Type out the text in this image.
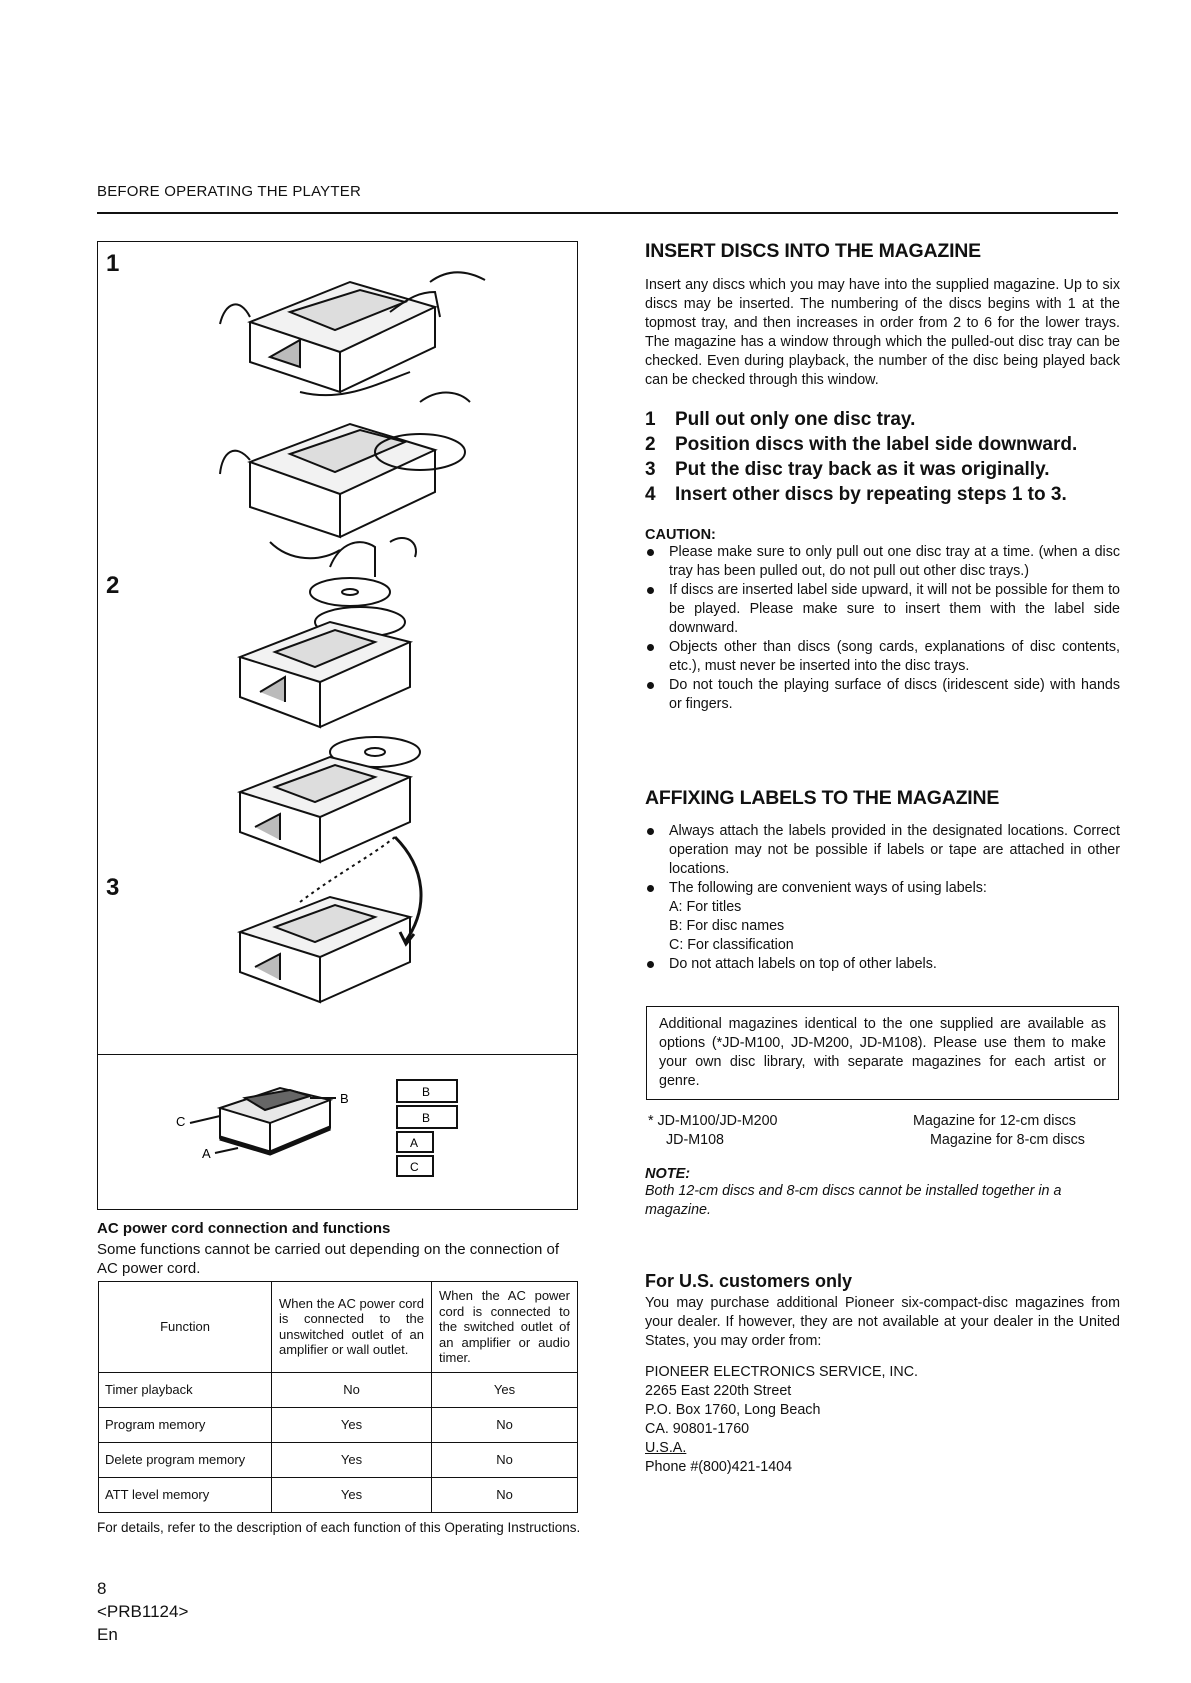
BEFORE OPERATING THE PLAYTER
1
2
3
B
C
A
B
B
A
C
AC power cord connection and functions
Some functions cannot be carried out depending on the connection of AC power cord.
Function	When the AC power cord is connected to the unswitched outlet of an amplifier or wall outlet.	When the AC power cord is connected to the switched outlet of an amplifier or audio timer.
Timer playback	No	Yes
Program memory	Yes	No
Delete program memory	Yes	No
ATT level memory	Yes	No
For details, refer to the description of each function of this Operating Instructions.
8
<PRB1124>
En
INSERT DISCS INTO THE MAGAZINE
Insert any discs which you may have into the supplied magazine. Up to six discs may be inserted. The numbering of the discs begins with 1 at the topmost tray, and then increases in order from 2 to 6 for the lower trays. The magazine has a window through which the pulled-out disc tray can be checked. Even during playback, the number of the disc being played back can be checked through this window.
1	Pull out only one disc tray.
2	Position discs with the label side downward.
3	Put the disc tray back as it was originally.
4	Insert other discs by repeating steps 1 to 3.
CAUTION:
Please make sure to only pull out one disc tray at a time. (when a disc tray has been pulled out, do not pull out other disc trays.)
If discs are inserted label side upward, it will not be possible for them to be played. Please make sure to insert them with the label side downward.
Objects other than discs (song cards, explanations of disc contents, etc.), must never be inserted into the disc trays.
Do not touch the playing surface of discs (iridescent side) with hands or fingers.
AFFIXING LABELS TO THE MAGAZINE
Always attach the labels provided in the designated locations. Correct operation may not be possible if labels or tape are attached in other locations.
The following are convenient ways of using labels:
A: For titles
B: For disc names
C: For classification
Do not attach labels on top of other labels.
Additional magazines identical to the one supplied are available as options (*JD-M100, JD-M200, JD-M108). Please use them to make your own disc library, with separate magazines for each artist or genre.
* JD-M100/JD-M200	Magazine for 12-cm discs
JD-M108	Magazine for 8-cm discs
NOTE:
Both 12-cm discs and 8-cm discs cannot be installed together in a magazine.
For U.S. customers only
You may purchase additional Pioneer six-compact-disc magazines from your dealer. If however, they are not available at your dealer in the United States, you may order from:
PIONEER ELECTRONICS SERVICE, INC.
2265 East 220th Street
P.O. Box 1760, Long Beach
CA. 90801-1760
U.S.A.
Phone #(800)421-1404
